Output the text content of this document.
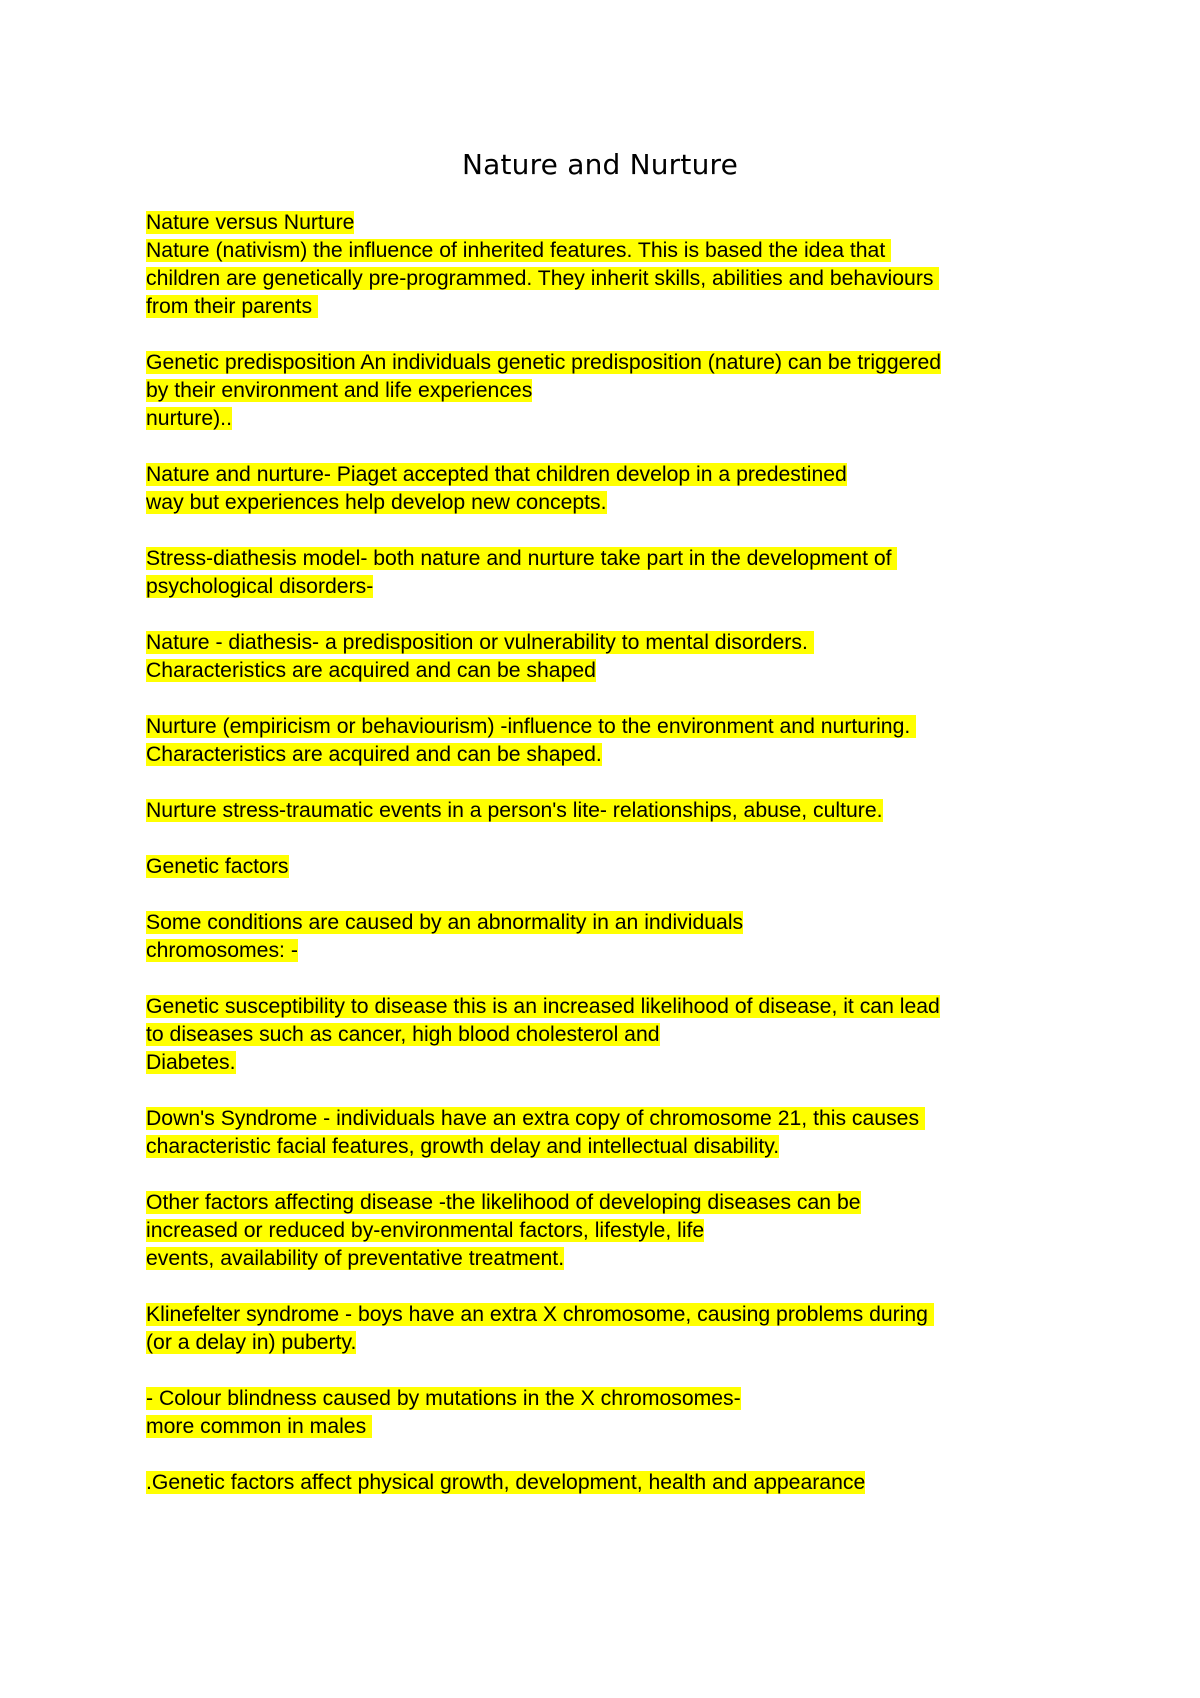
Nature and Nurture
Nature versus Nurture
Nature (nativism) the influence of inherited features. This is based the idea that
children are genetically pre-programmed. They inherit skills, abilities and behaviours
from their parents
Genetic predisposition An individuals genetic predisposition (nature) can be triggered
by their environment and life experiences
nurture)..
Nature and nurture- Piaget accepted that children develop in a predestined
way but experiences help develop new concepts.
Stress-diathesis model- both nature and nurture take part in the development of
psychological disorders-
Nature - diathesis- a predisposition or vulnerability to mental disorders.
Characteristics are acquired and can be shaped
Nurture (empiricism or behaviourism) -influence to the environment and nurturing.
Characteristics are acquired and can be shaped.
Nurture stress-traumatic events in a person's lite- relationships, abuse, culture.
Genetic factors
Some conditions are caused by an abnormality in an individuals
chromosomes: -
Genetic susceptibility to disease this is an increased likelihood of disease, it can lead
to diseases such as cancer, high blood cholesterol and
Diabetes.
Down's Syndrome - individuals have an extra copy of chromosome 21, this causes
characteristic facial features, growth delay and intellectual disability.
Other factors affecting disease -the likelihood of developing diseases can be
increased or reduced by-environmental factors, lifestyle, life
events, availability of preventative treatment.
Klinefelter syndrome - boys have an extra X chromosome, causing problems during
(or a delay in) puberty.
- Colour blindness caused by mutations in the X chromosomes-
more common in males
.Genetic factors affect physical growth, development, health and appearance
